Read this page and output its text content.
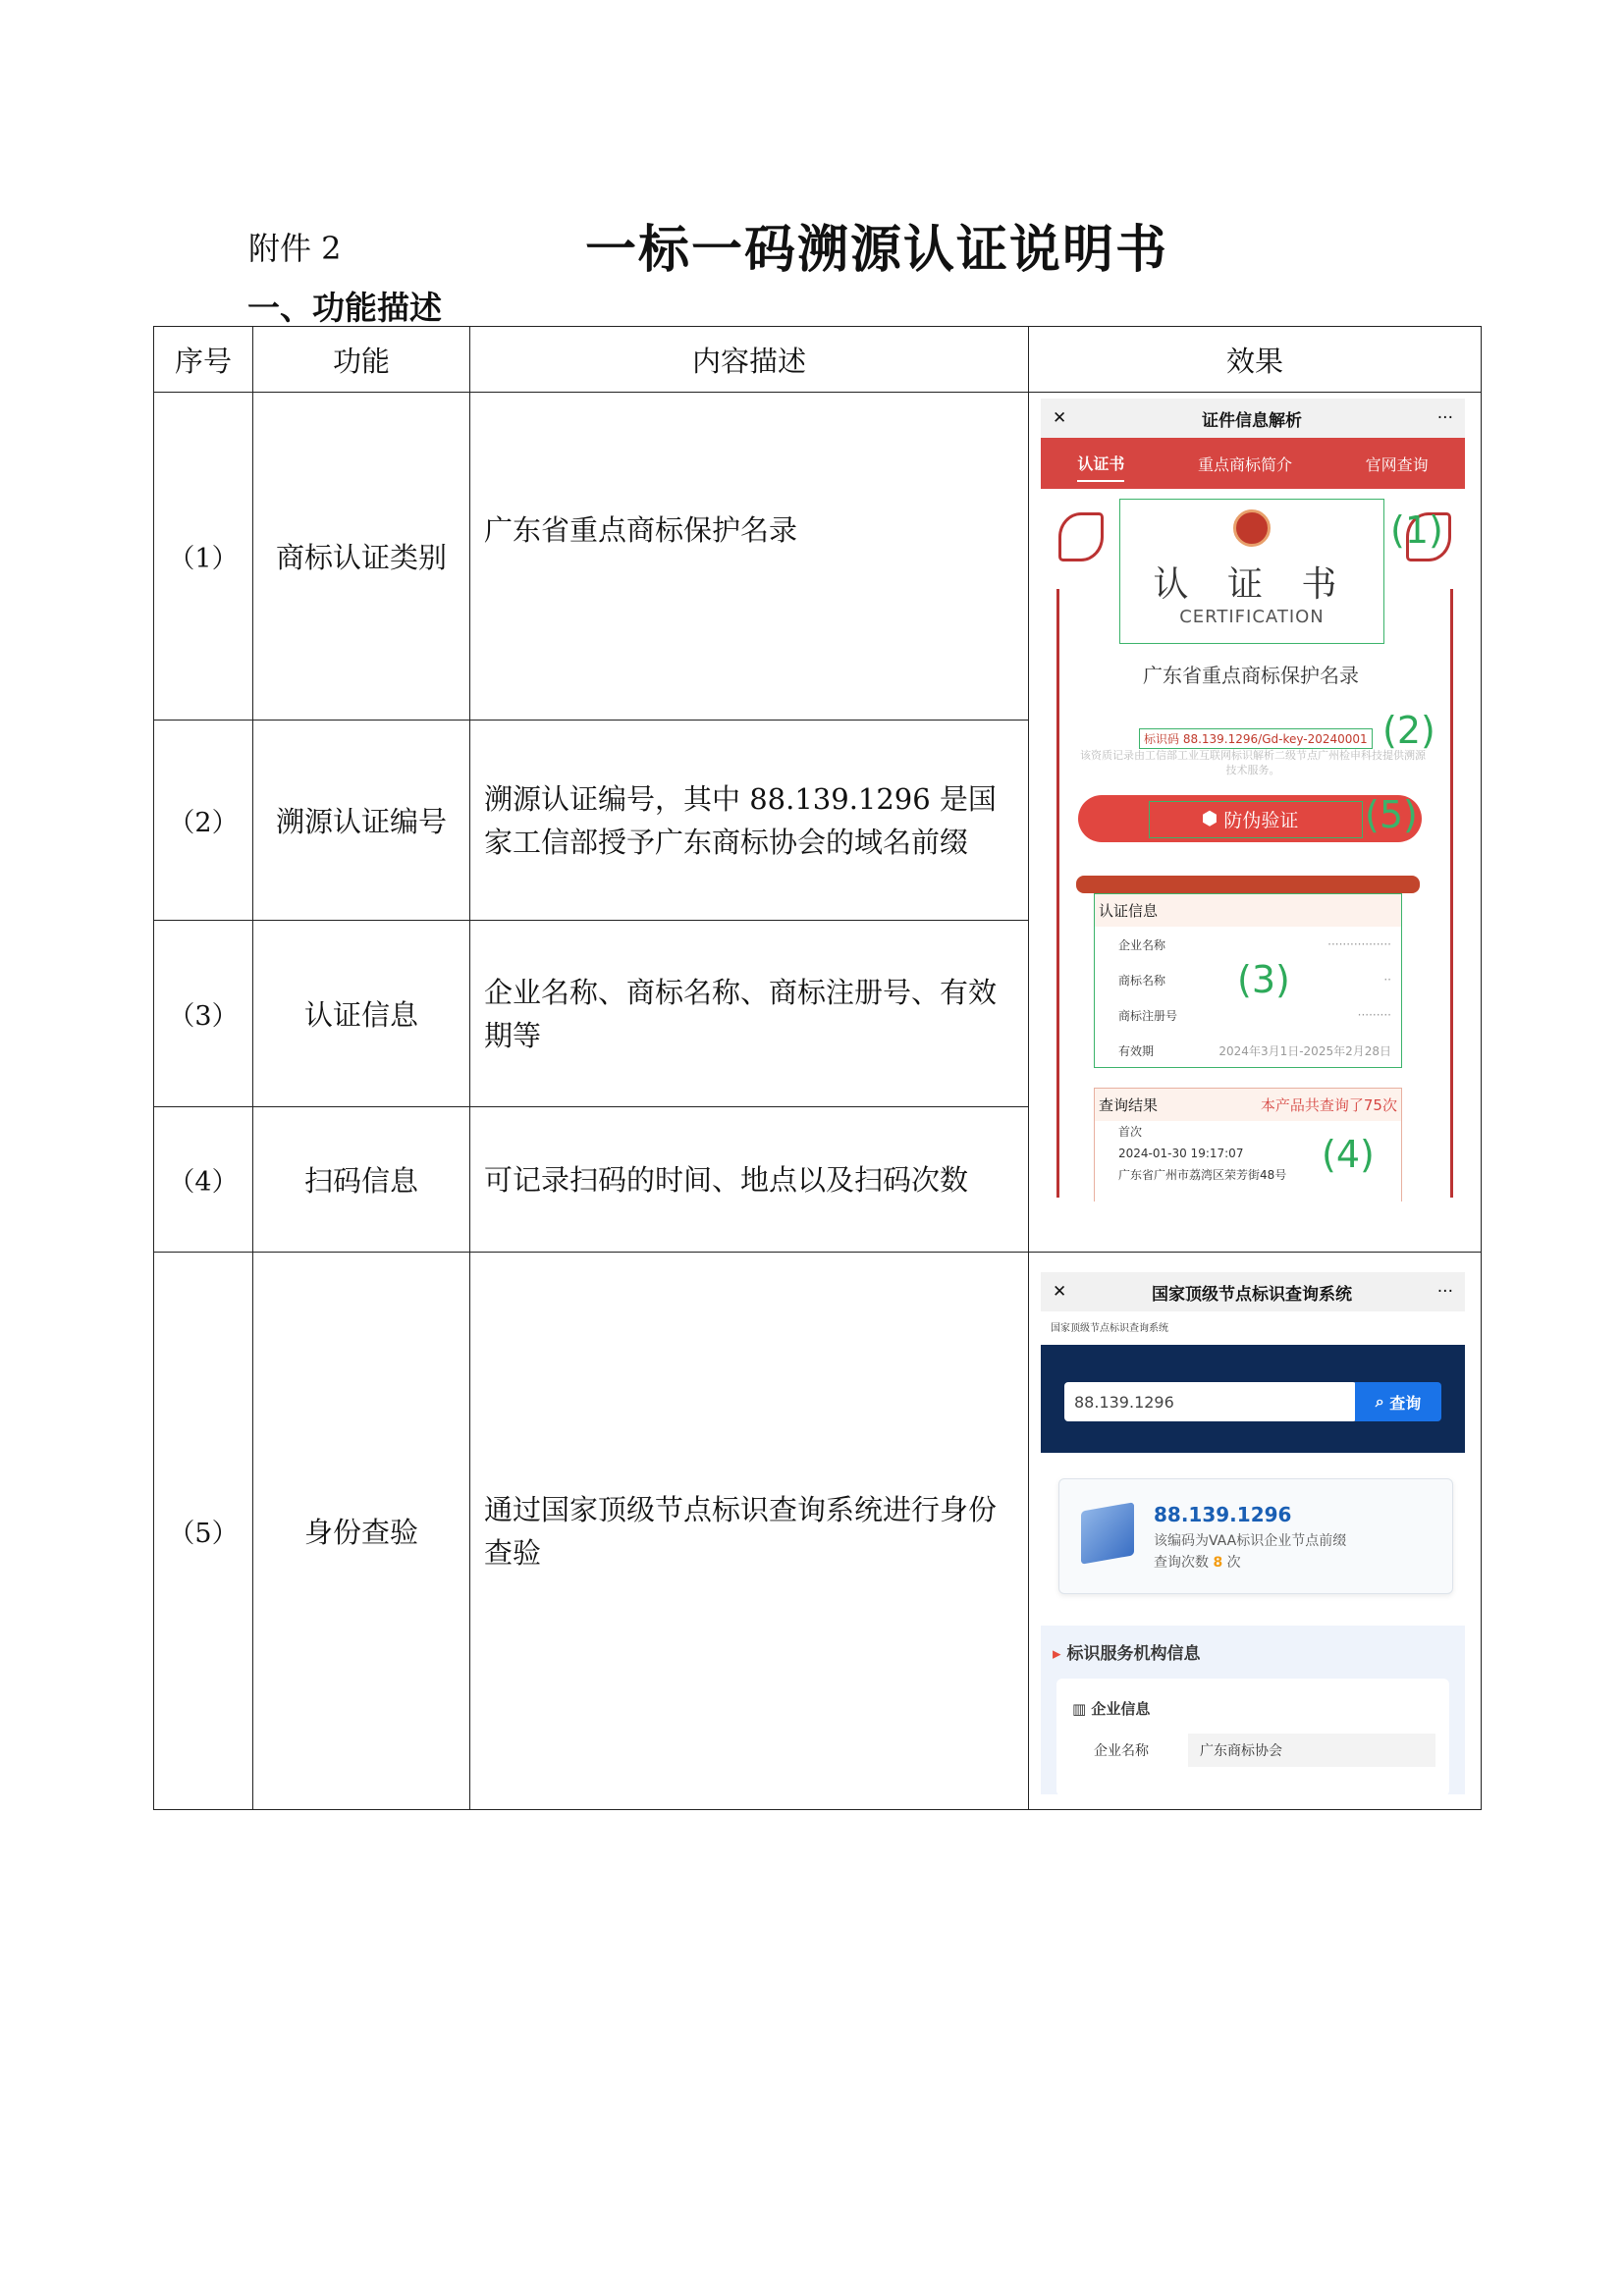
附件 2	一标一码溯源认证说明书
一、功能描述
序号	功能	内容描述	效果
（1）	商标认证类别	广东省重点商标保护名录	
（2）	溯源认证编号	溯源认证编号，其中 88.139.1296 是国家工信部授予广东商标协会的域名前缀	
（3）	认证信息	企业名称、商标名称、商标注册号、有效期等	
（4）	扫码信息	可记录扫码的时间、地点以及扫码次数	
（5）	身份查验	通过国家顶级节点标识查询系统进行身份查验	
✕	证件信息解析	···
认证书	重点商标简介	官网查询
认 证 书
CERTIFICATION
广东省重点商标保护名录
(1)
标识码 88.139.1296/Gd-key-20240001 (2)
该资质记录由工信部工业互联网标识解析二级节点广州检申科技提供溯源技术服务。
⬢ 防伪验证 (5)
认证信息
企业名称	·················
商标名称	··
商标注册号	·········
有效期	2024年3月1日-2025年2月28日
(3)
查询结果	本产品共查询了75次
首次
2024-01-30 19:17:07
广东省广州市荔湾区荣芳街48号 (4)
✕	国家顶级节点标识查询系统	···
国家顶级节点标识查询系统
88.139.1296	⌕ 查询
88.139.1296
该编码为VAA标识企业节点前缀
查询次数 8 次
▸ 标识服务机构信息
▥ 企业信息
企业名称	广东商标协会
